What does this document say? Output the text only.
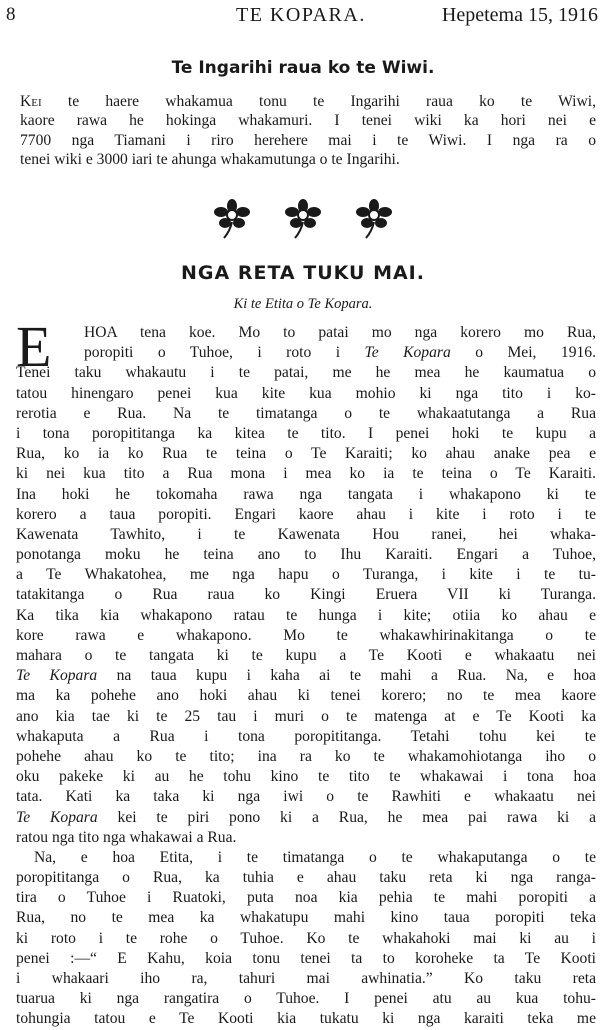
8	TE KOPARA.	Hepetema 15, 1916
Te Ingarihi raua ko te Wiwi.
Kei te haere whakamua tonu te Ingarihi raua ko te Wiwi,
kaore rawa he hokinga whakamuri. I tenei wiki ka hori nei e
7700 nga Tiamani i riro herehere mai i te Wiwi. I nga ra o
tenei wiki e 3000 iari te ahunga whakamutunga o te Ingarihi.
NGA RETA TUKU MAI.
Ki te Etita o Te Kopara.
E	HOA tena koe. Mo to patai mo nga korero mo Rua,
poropiti o Tuhoe, i roto i Te Kopara o Mei, 1916.
Tenei taku whakautu i te patai, me he mea he kaumatua o
tatou hinengaro penei kua kite kua mohio ki nga tito i ko-
rerotia e Rua. Na te timatanga o te whakaatutanga a Rua
i tona poropititanga ka kitea te tito. I penei hoki te kupu a
Rua, ko ia ko Rua te teina o Te Karaiti; ko ahau anake pea e
ki nei kua tito a Rua mona i mea ko ia te teina o Te Karaiti.
Ina hoki he tokomaha rawa nga tangata i whakapono ki te
korero a taua poropiti. Engari kaore ahau i kite i roto i te
Kawenata Tawhito, i te Kawenata Hou ranei, hei whaka-
ponotanga moku he teina ano to Ihu Karaiti. Engari a Tuhoe,
a Te Whakatohea, me nga hapu o Turanga, i kite i te tu-
tatakitanga o Rua raua ko Kingi Eruera VII ki Turanga.
Ka tika kia whakapono ratau te hunga i kite; otiia ko ahau e
kore rawa e whakapono. Mo te whakawhirinakitanga o te
mahara o te tangata ki te kupu a Te Kooti e whakaatu nei
Te Kopara na taua kupu i kaha ai te mahi a Rua. Na, e hoa
ma ka pohehe ano hoki ahau ki tenei korero; no te mea kaore
ano kia tae ki te 25 tau i muri o te matenga at e Te Kooti ka
whakaputa a Rua i tona poropititanga. Tetahi tohu kei te
pohehe ahau ko te tito; ina ra ko te whakamohiotanga iho o
oku pakeke ki au he tohu kino te tito te whakawai i tona hoa
tata. Kati ka taka ki nga iwi o te Rawhiti e whakaatu nei
Te Kopara kei te piri pono ki a Rua, he mea pai rawa ki a
ratou nga tito nga whakawai a Rua.
Na, e hoa Etita, i te timatanga o te whakaputanga o te
poropititanga o Rua, ka tuhia e ahau taku reta ki nga ranga-
tira o Tuhoe i Ruatoki, puta noa kia pehia te mahi poropiti a
Rua, no te mea ka whakatupu mahi kino taua poropiti teka
ki roto i te rohe o Tuhoe. Ko te whakahoki mai ki au i
penei :—“ E Kahu, koia tonu tenei ta to koroheke ta Te Kooti
i whakaari iho ra, tahuri mai awhinatia.” Ko taku reta
tuarua ki nga rangatira o Tuhoe. I penei atu au kua tohu-
tohungia tatou e Te Kooti kia tukatu ki nga karaiti teka me
